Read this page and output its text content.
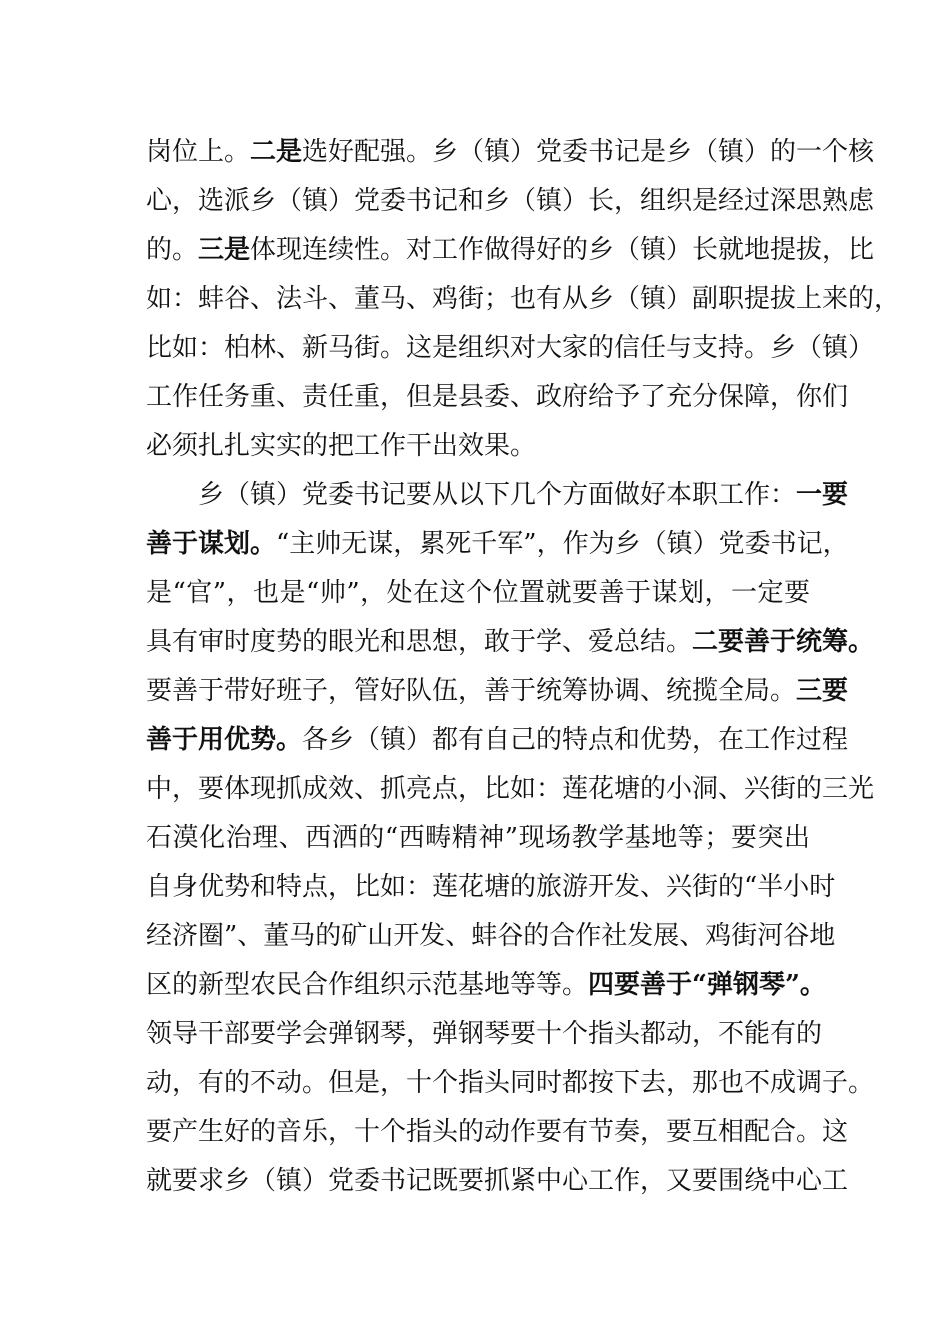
岗位上。二是选好配强。乡（镇）党委书记是乡（镇）的一个核
心，选派乡（镇）党委书记和乡（镇）长，组织是经过深思熟虑
的。三是体现连续性。对工作做得好的乡（镇）长就地提拔，比
如：蚌谷、法斗、董马、鸡街；也有从乡（镇）副职提拔上来的，
比如：柏林、新马街。这是组织对大家的信任与支持。乡（镇）
工作任务重、责任重，但是县委、政府给予了充分保障，你们
必须扎扎实实的把工作干出效果。
乡（镇）党委书记要从以下几个方面做好本职工作：一要
善于谋划。“主帅无谋，累死千军”，作为乡（镇）党委书记，
是“官”，也是“帅”，处在这个位置就要善于谋划，一定要
具有审时度势的眼光和思想，敢于学、爱总结。二要善于统筹。
要善于带好班子，管好队伍，善于统筹协调、统揽全局。三要
善于用优势。各乡（镇）都有自己的特点和优势，在工作过程
中，要体现抓成效、抓亮点，比如：莲花塘的小洞、兴街的三光
石漠化治理、西洒的“西畴精神”现场教学基地等；要突出
自身优势和特点，比如：莲花塘的旅游开发、兴街的“半小时
经济圈”、董马的矿山开发、蚌谷的合作社发展、鸡街河谷地
区的新型农民合作组织示范基地等等。四要善于“弹钢琴”。
领导干部要学会弹钢琴，弹钢琴要十个指头都动，不能有的
动，有的不动。但是，十个指头同时都按下去，那也不成调子。
要产生好的音乐，十个指头的动作要有节奏，要互相配合。这
就要求乡（镇）党委书记既要抓紧中心工作，又要围绕中心工
